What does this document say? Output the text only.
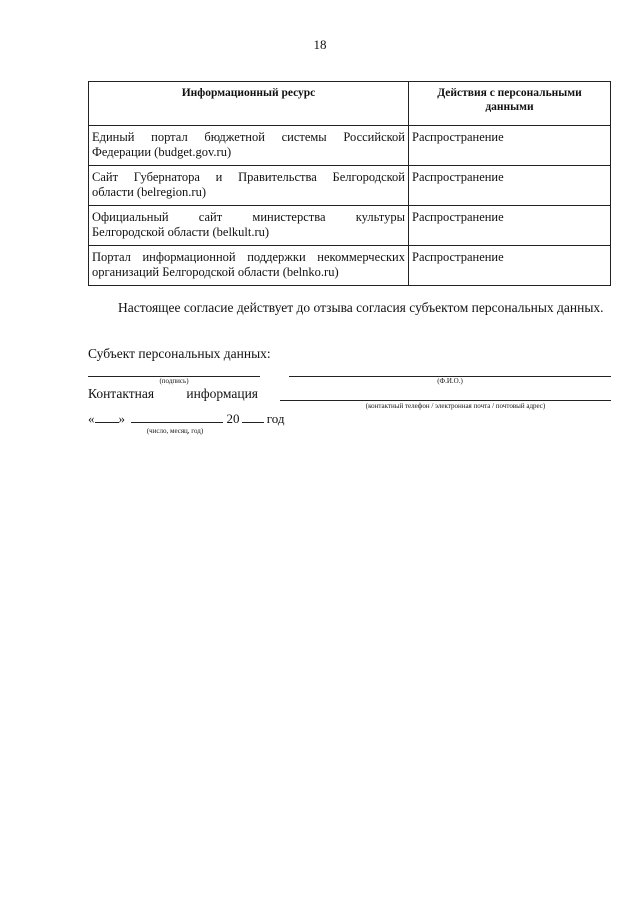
18
Информационный ресурс	Действия с персональными данными

Единый портал бюджетной системы Российской
Федерации (budget.gov.ru)	Распространение

Сайт Губернатора и Правительства Белгородской
области (belregion.ru)	Распространение

Официальный сайт министерства культуры
Белгородской области (belkult.ru)	Распространение

Портал информационной поддержки некоммерческих
организаций Белгородской области (belnko.ru)	Распространение
Настоящее согласие действует до отзыва согласия субъектом персональных данных.
Субъект персональных данных:
(подпись)	(Ф.И.О.)
Контактная информация
(контактный телефон / электронная почта / почтовый адрес)
« »	20 год
(число, месяц, год)
